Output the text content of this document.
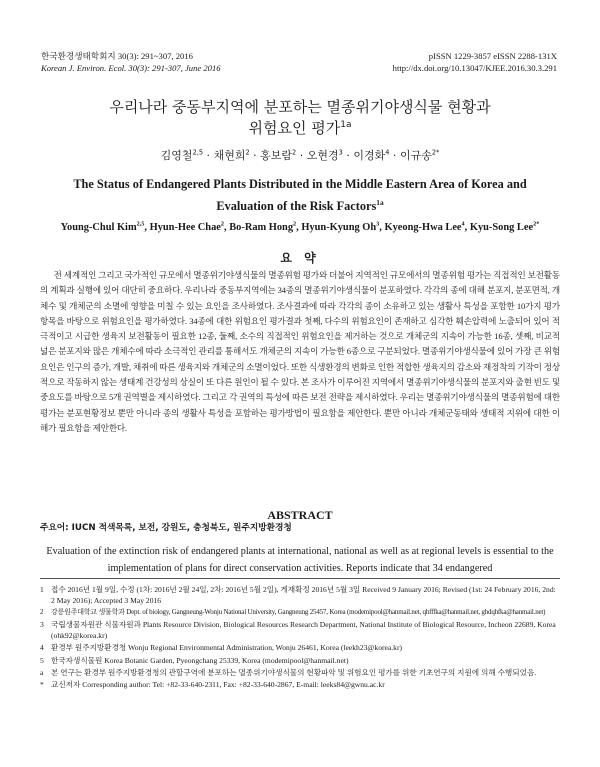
한국환경생태학회지 30(3): 291~307, 2016
Korean J. Environ. Ecol. 30(3): 291-307, June 2016
pISSN 1229-3857 eISSN 2288-131X
http://dx.doi.org/10.13047/KJEE.2016.30.3.291
우리나라 중동부지역에 분포하는 멸종위기야생식물 현황과
위험요인 평가$^{1a}$
김영철$^{2,5}$ · 채현희$^2$ · 홍보람$^2$ · 오현경$^3$ · 이경화$^4$ · 이규송$^{2*}$
The Status of Endangered Plants Distributed in the Middle Eastern Area of Korea and
Evaluation of the Risk Factors$^{1a}$
Young-Chul Kim$^{2,5}$, Hyun-Hee Chae$^2$, Bo-Ram Hong$^2$, Hyun-Kyung Oh$^3$, Kyeong-Hwa Lee$^4$, Kyu-Song Lee$^{2*}$
요 약
전 세계적인 그리고 국가적인 규모에서 멸종위기야생식물의 멸종위험 평가와 더불어 지역적인 규모에서의 멸종위험 평가는 직접적인 보전활동의 계획과 실행에 있어 대단히 중요하다. 우리나라 중동부지역에는 34종의 멸종위기야생식물이 분포하였다. 각각의 종에 대해 분포지, 분포면적, 개체수 및 개체군의 소멸에 영향을 미칠 수 있는 요인을 조사하였다. 조사결과에 따라 각각의 종이 소유하고 있는 생활사 특성을 포함한 10가지 평가항목을 바탕으로 위험요인을 평가하였다. 34종에 대한 위험요인 평가결과 첫째, 다수의 위험요인이 존재하고 심각한 훼손압력에 노출되어 있어 적극적이고 시급한 생육지 보전활동이 필요한 12종, 둘째, 소수의 직접적인 위험요인을 제거하는 것으로 개체군의 지속이 가능한 16종, 셋째, 비교적 넓은 분포지와 많은 개체수에 따라 소극적인 관리를 통해서도 개체군의 지속이 가능한 6종으로 구분되었다. 멸종위기야생식물에 있어 가장 큰 위험요인은 인구의 증가, 개발, 채취에 따른 생육지와 개체군의 소멸이었다. 또한 식생환경의 변화로 인한 적합한 생육지의 감소와 재정착의 기작이 정상적으로 작동하지 않는 생태계 건강성의 상실이 또 다른 원인이 될 수 있다. 본 조사가 이루어진 지역에서 멸종위기야생식물의 분포지와 출현 빈도 및 중요도를 바탕으로 5개 권역별을 제시하였다. 그리고 각 권역의 특성에 따른 보전 전략을 제시하였다. 우리는 멸종위기야생식물의 멸종위험에 대한 평가는 분포현황정보 뿐만 아니라 종의 생활사 특성을 포함하는 평가방법이 필요함을 제안한다. 뿐만 아니라 개체군동태와 생태적 지위에 대한 이해가 필요함을 제안한다.
주요어: IUCN 적색목록, 보전, 강원도, 충청북도, 원주지방환경청
ABSTRACT
Evaluation of the extinction risk of endangered plants at international, national as well as at regional levels is essential to the implementation of plans for direct conservation activities. Reports indicate that 34 endangered
1 접수 2016년 1월 9일, 수정 (1차: 2016년 2월 24일, 2차: 2016년 5월 2일), 게재확정 2016년 5월 3일 Received 9 January 2016; Revised (1st: 24 February 2016, 2nd: 2 May 2016); Accepted 3 May 2016
2 강릉원주대학교 생물학과 Dept. of biology, Gangneung-Wonju National University, Gangneung 25457, Korea (modemipool@hanmail.net, qhfffka@hanmail.net, ghdqhfka@hanmail.net)
3 국립생물자원관 식물자원과 Plants Resource Division, Biological Resources Research Department, National Institute of Biological Resource, Incheon 22689, Korea (ohk92@korea.kr)
4 환경부 원주지방환경청 Wonju Regional Environmental Administration, Wonju 26461, Korea (leekh23@korea.kr)
5 한국자생식물원 Korea Botanic Garden, Pyeongchang 25339, Korea (modemipool@hanmail.net)
a 본 연구는 환경부 원주지방환경청의 관할구역에 분포하는 멸종위기야생식물의 현황파악 및 위험요인 평가를 위한 기초연구의 지원에 의해 수행되었음.
* 교신저자 Corresponding author: Tel: +82-33-640-2311, Fax: +82-33-640-2867, E-mail: leeks84@gwnu.ac.kr
